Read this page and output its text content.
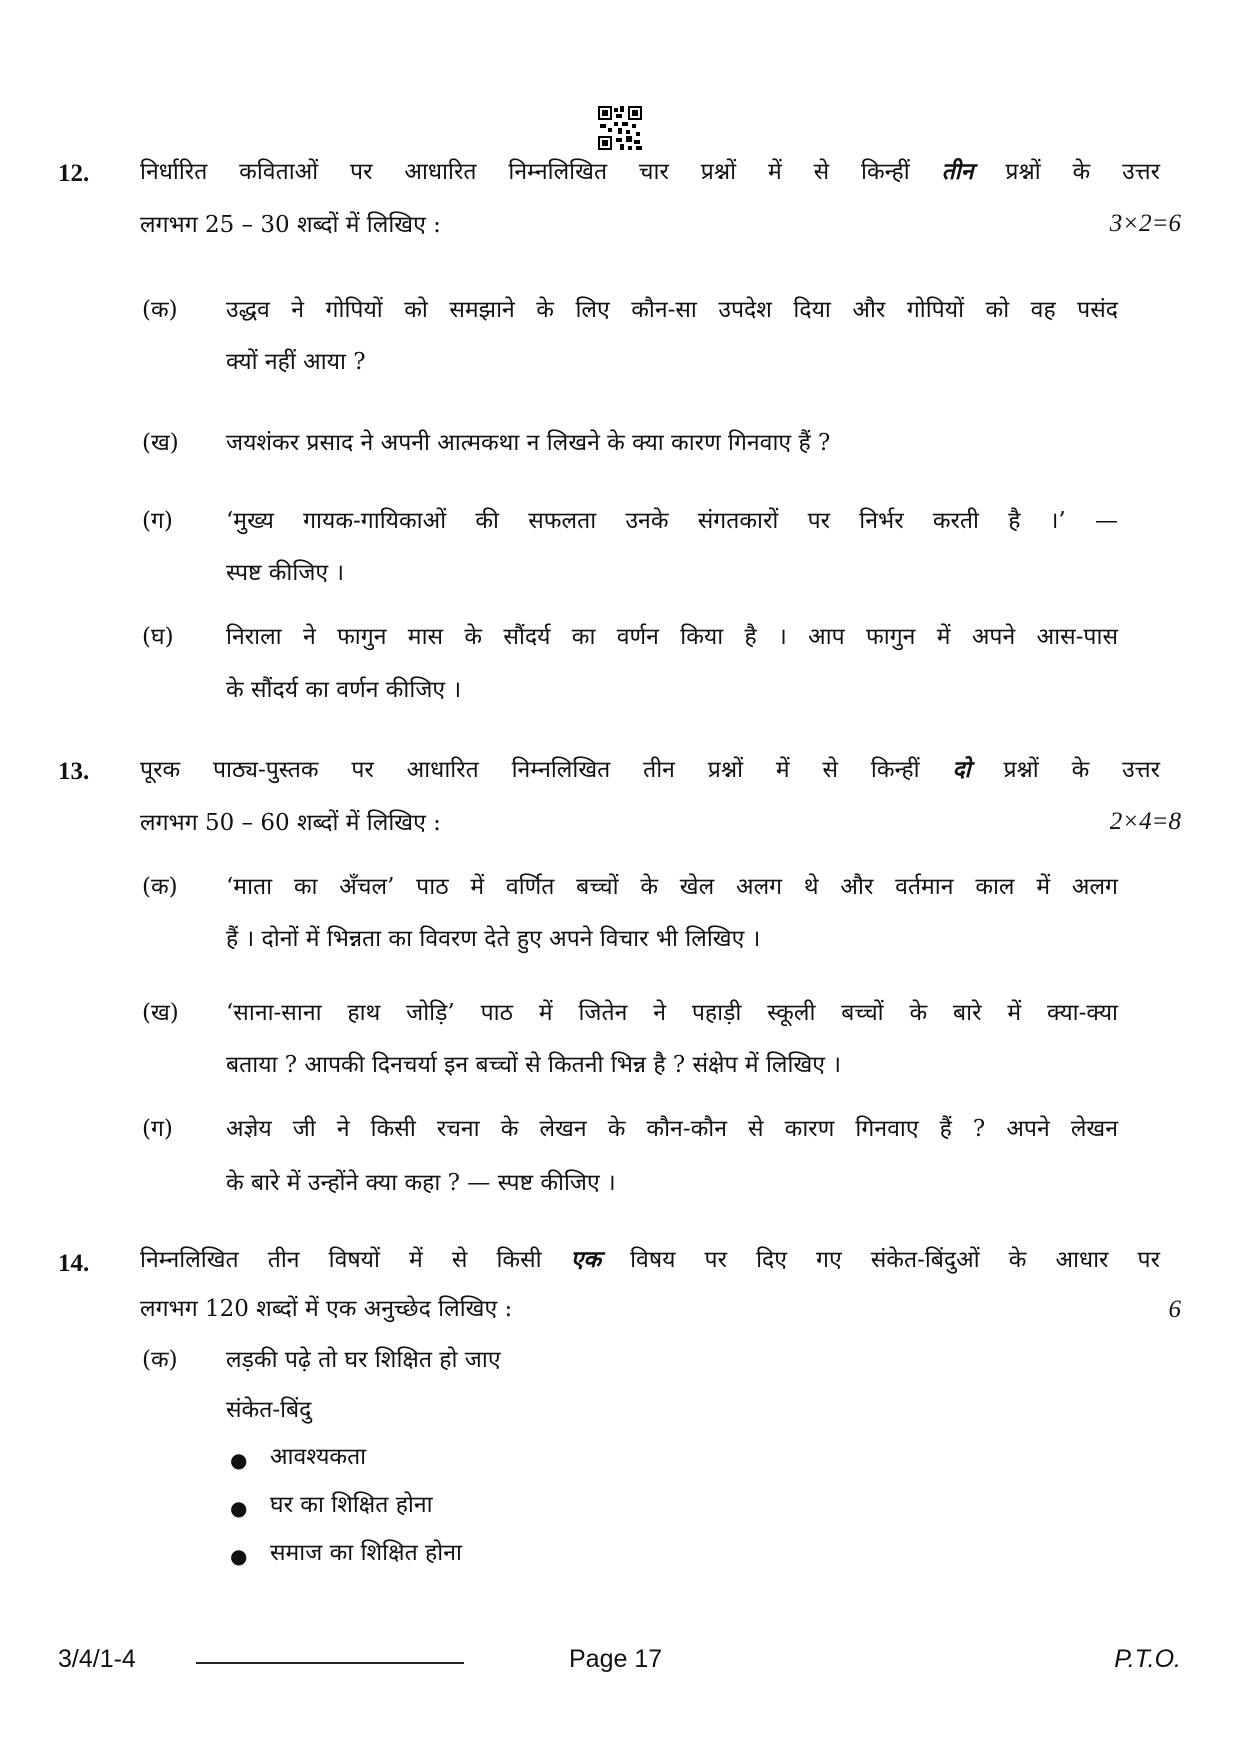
12. निर्धारित कविताओं पर आधारित निम्नलिखित चार प्रश्नों में से किन्हीं तीन प्रश्नों के उत्तर
लगभग 25 – 30 शब्दों में लिखिए :	3×2=6
(क) उद्धव ने गोपियों को समझाने के लिए कौन-सा उपदेश दिया और गोपियों को वह पसंद
क्यों नहीं आया ?
(ख) जयशंकर प्रसाद ने अपनी आत्मकथा न लिखने के क्या कारण गिनवाए हैं ?
(ग) ‘मुख्य गायक-गायिकाओं की सफलता उनके संगतकारों पर निर्भर करती है ।’ —
स्पष्ट कीजिए ।
(घ) निराला ने फागुन मास के सौंदर्य का वर्णन किया है । आप फागुन में अपने आस-पास
के सौंदर्य का वर्णन कीजिए ।
13. पूरक पाठ्य-पुस्तक पर आधारित निम्नलिखित तीन प्रश्नों में से किन्हीं दो प्रश्नों के उत्तर
लगभग 50 – 60 शब्दों में लिखिए :	2×4=8
(क) ‘माता का अँचल’ पाठ में वर्णित बच्चों के खेल अलग थे और वर्तमान काल में अलग
हैं । दोनों में भिन्नता का विवरण देते हुए अपने विचार भी लिखिए ।
(ख) ‘साना-साना हाथ जोड़ि’ पाठ में जितेन ने पहाड़ी स्कूली बच्चों के बारे में क्या-क्या
बताया ? आपकी दिनचर्या इन बच्चों से कितनी भिन्न है ? संक्षेप में लिखिए ।
(ग) अज्ञेय जी ने किसी रचना के लेखन के कौन-कौन से कारण गिनवाए हैं ? अपने लेखन
के बारे में उन्होंने क्या कहा ? — स्पष्ट कीजिए ।
14. निम्नलिखित तीन विषयों में से किसी एक विषय पर दिए गए संकेत-बिंदुओं के आधार पर
लगभग 120 शब्दों में एक अनुच्छेद लिखिए :	6
(क) लड़की पढ़े तो घर शिक्षित हो जाए
संकेत-बिंदु
● आवश्यकता
● घर का शिक्षित होना
● समाज का शिक्षित होना
3/4/1-4	Page 17	P.T.O.
